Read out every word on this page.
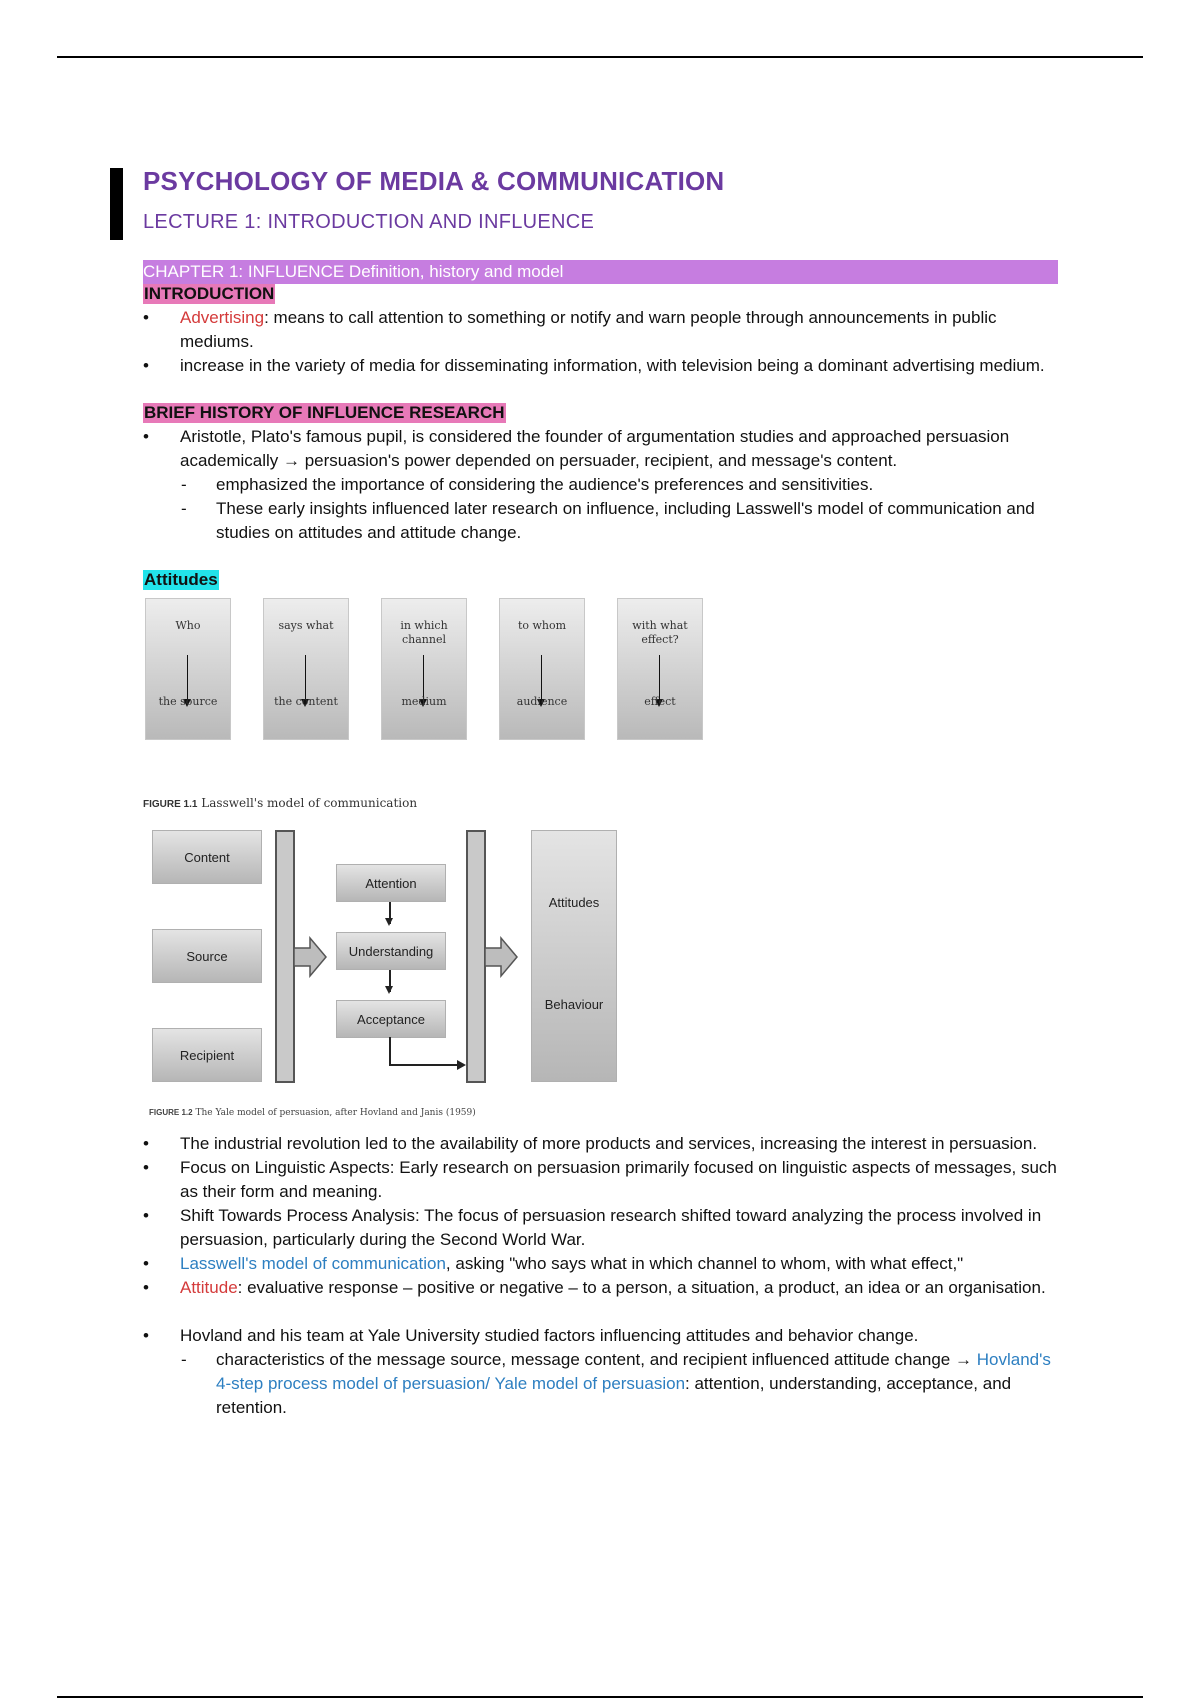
PSYCHOLOGY OF MEDIA & COMMUNICATION
LECTURE 1: INTRODUCTION AND INFLUENCE
CHAPTER 1: INFLUENCE Definition, history and model
INTRODUCTION
• Advertising: means to call attention to something or notify and warn people through announcements in public mediums.
• increase in the variety of media for disseminating information, with television being a dominant advertising medium.
BRIEF HISTORY OF INFLUENCE RESEARCH
• Aristotle, Plato's famous pupil, is considered the founder of argumentation studies and approached persuasion academically → persuasion's power depended on persuader, recipient, and message's content.
- emphasized the importance of considering the audience's preferences and sensitivities.
- These early insights influenced later research on influence, including Lasswell's model of communication and studies on attitudes and attitude change.
Attitudes
Who
the source
says what
the content
in which channel
medium
to whom
audience
with what effect?
effect
FIGURE 1.1 Lasswell's model of communication
Content
Source
Recipient
Attention
Understanding
Acceptance
Attitudes
Behaviour
FIGURE 1.2 The Yale model of persuasion, after Hovland and Janis (1959)
• The industrial revolution led to the availability of more products and services, increasing the interest in persuasion.
• Focus on Linguistic Aspects: Early research on persuasion primarily focused on linguistic aspects of messages, such as their form and meaning.
• Shift Towards Process Analysis: The focus of persuasion research shifted toward analyzing the process involved in persuasion, particularly during the Second World War.
• Lasswell's model of communication, asking "who says what in which channel to whom, with what effect,"
• Attitude: evaluative response – positive or negative – to a person, a situation, a product, an idea or an organisation.
• Hovland and his team at Yale University studied factors influencing attitudes and behavior change.
- characteristics of the message source, message content, and recipient influenced attitude change → Hovland's 4-step process model of persuasion/ Yale model of persuasion: attention, understanding, acceptance, and retention.
